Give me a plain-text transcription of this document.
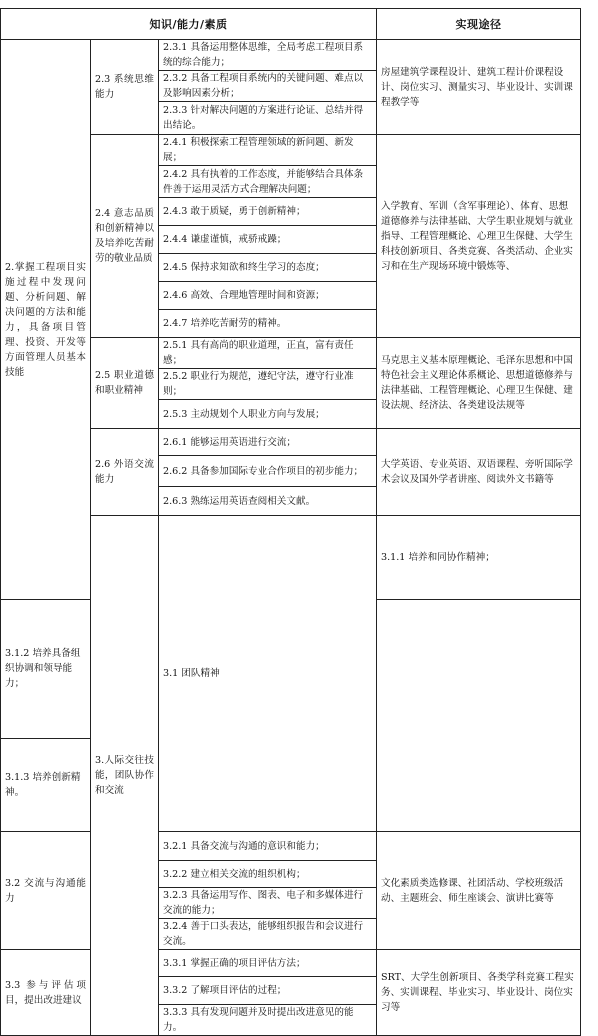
知识/能力/素质			实现途径	
2.掌握工程项目实施过程中发现问题、分析问题、解决问题的方法和能力，具备项目管理、投资、开发等方面管理人员基本技能	2.3 系统思维能力	2.3.1 具备运用整体思维，全局考虑工程项目系统的综合能力；	房屋建筑学课程设计、建筑工程计价课程设计、岗位实习、测量实习、毕业设计、实训课程教学等	
		2.3.2 具备工程项目系统内的关键问题、难点以及影响因素分析；		
		2.3.3 针对解决问题的方案进行论证、总结并得出结论。		
	2.4 意志品质和创新精神以及培养吃苦耐劳的敬业品质	2.4.1 积极探索工程管理领域的新问题、新发展；	入学教育、军训（含军事理论）、体育、思想道德修养与法律基础、大学生职业规划与就业指导、工程管理概论、心理卫生保健、大学生科技创新项目、各类竞赛、各类活动、企业实习和在生产现场环境中锻炼等、	
		2.4.2 具有执着的工作态度，并能够结合具体条件善于运用灵活方式合理解决问题；		
		2.4.3 敢于质疑，勇于创新精神；		
		2.4.4 谦虚谨慎，戒骄戒躁；		
		2.4.5 保持求知欲和终生学习的态度；		
		2.4.6 高效、合理地管理时间和资源；		
		2.4.7 培养吃苦耐劳的精神。		
	2.5 职业道德和职业精神	2.5.1 具有高尚的职业道理，正直，富有责任感；	马克思主义基本原理概论、毛泽东思想和中国特色社会主义理论体系概论、思想道德修养与法律基础、工程管理概论、心理卫生保健、建设法规、经济法、各类建设法规等	
		2.5.2 职业行为规范，遵纪守法，遵守行业准则；		
		2.5.3 主动规划个人职业方向与发展；		
	2.6 外语交流能力	2.6.1 能够运用英语进行交流；	大学英语、专业英语、双语课程、旁听国际学术会议及国外学者讲座、阅读外文书籍等	
		2.6.2 具备参加国际专业合作项目的初步能力；		
		2.6.3 熟练运用英语查阅相关文献。		
	3.人际交往技能，团队协作和交流	3.1 团队精神	3.1.1 培养和同协作精神；	
3.1.2 培养具备组织协调和领导能力；				
3.1.3 培养创新精神。				
3.2 交流与沟通能力		3.2.1 具备交流与沟通的意识和能力；	文化素质类选修课、社团活动、学校班级活动、主题班会、师生座谈会、演讲比赛等	
		3.2.2 建立相关交流的组织机构；		
		3.2.3 具备运用写作、图表、电子和多媒体进行交流的能力；		
		3.2.4 善于口头表达，能够组织报告和会议进行交流。		
3.3 参与评估项目，提出改进建议		3.3.1 掌握正确的项目评估方法；	SRT、大学生创新项目、各类学科竞赛工程实务、实训课程、毕业实习、毕业设计、岗位实习等	
		3.3.2 了解项目评估的过程；		
		3.3.3 具有发现问题并及时提出改进意见的能力。		
